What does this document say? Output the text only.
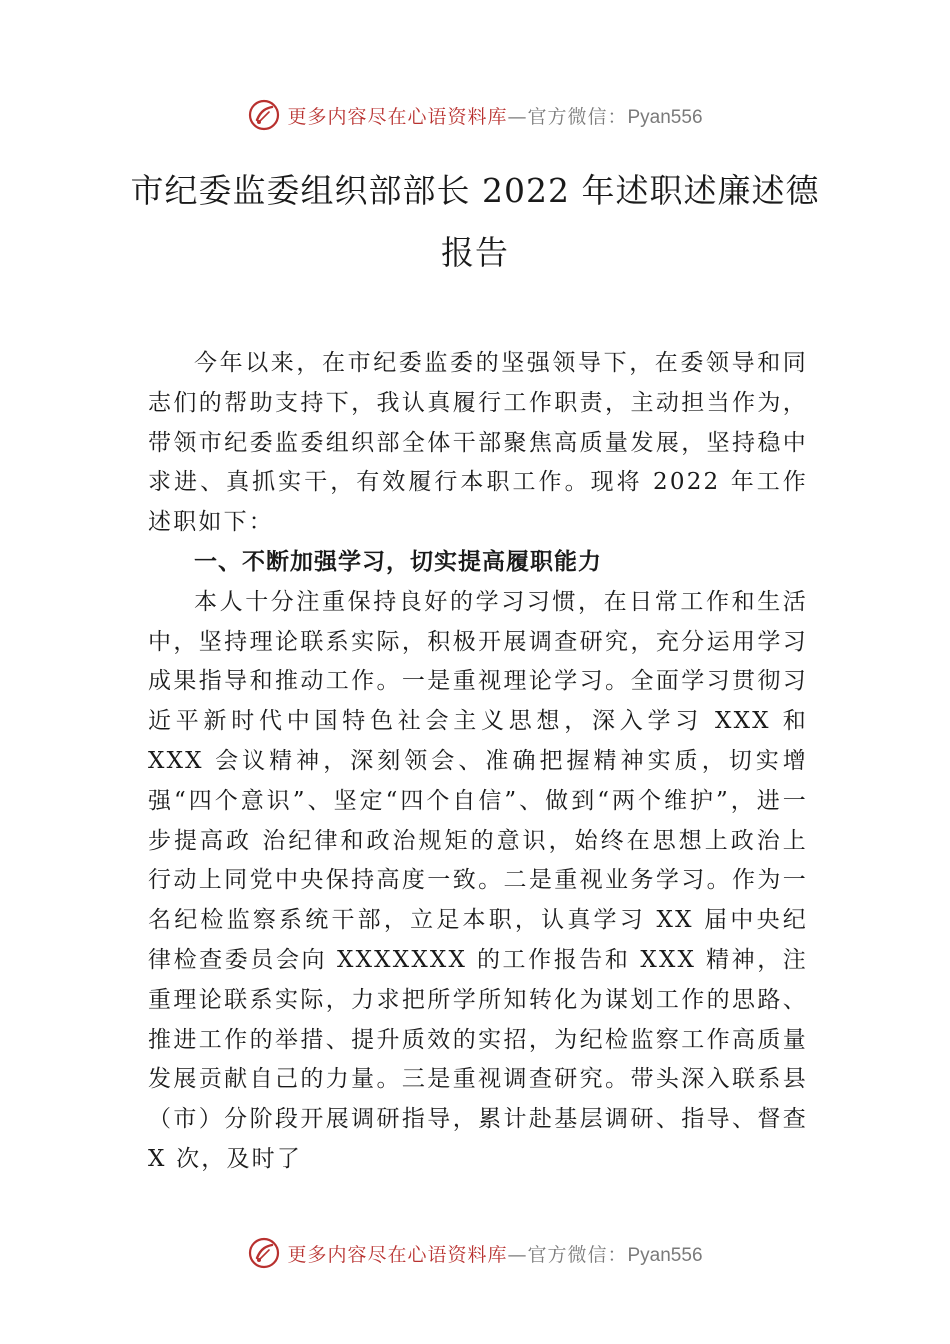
更多内容尽在心语资料库—官方微信：Pyan556
市纪委监委组织部部长 2022 年述职述廉述德报告

今年以来，在市纪委监委的坚强领导下，在委领导和同志们的帮助支持下，我认真履行工作职责，主动担当作为， 带领市纪委监委组织部全体干部聚焦高质量发展，坚持稳中求进、真抓实干，有效履行本职工作。现将 2022 年工作述职如下：

一、不断加强学习，切实提高履职能力

本人十分注重保持良好的学习习惯，在日常工作和生活中，坚持理论联系实际，积极开展调查研究，充分运用学习成果指导和推动工作。一是重视理论学习。全面学习贯彻习近平新时代中国特色社会主义思想，深入学习 XXX 和 XXX 会议精神，深刻领会、准确把握精神实质，切实增强“四个意识”、坚定“四个自信”、做到“两个维护”，进一步提高政 治纪律和政治规矩的意识，始终在思想上政治上行动上同党中央保持高度一致。二是重视业务学习。作为一名纪检监察系统干部，立足本职，认真学习 XX 届中央纪律检查委员会向 XXXXXXX 的工作报告和 XXX 精神，注重理论联系实际，力求把所学所知转化为谋划工作的思路、推进工作的举措、提升质效的实招，为纪检监察工作高质量发展贡献自己的力量。三是重视调查研究。带头深入联系县（市）分阶段开展调研指导，累计赴基层调研、指导、督查 X 次，及时了

更多内容尽在心语资料库—官方微信：Pyan556
